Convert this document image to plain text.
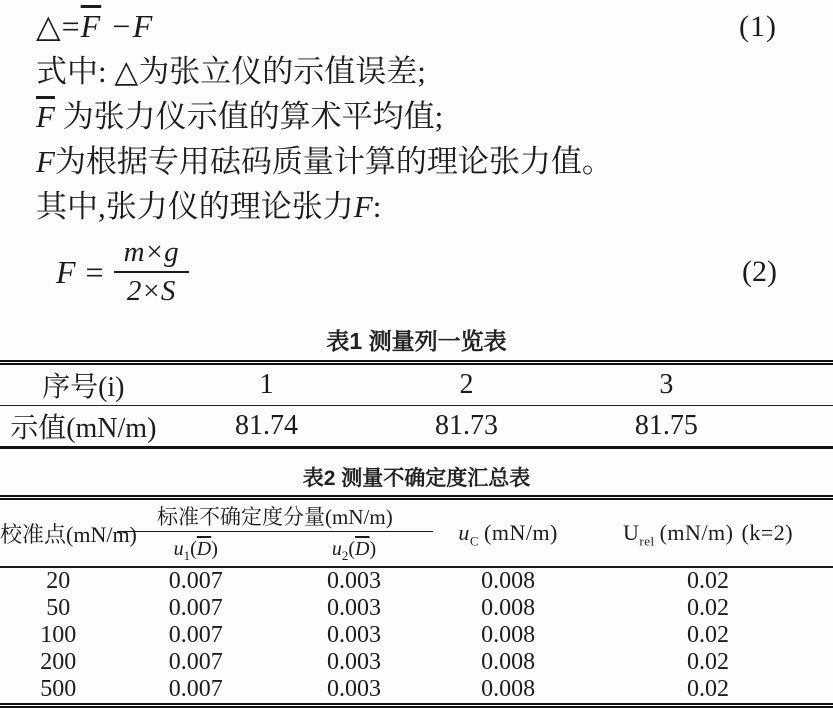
$\triangle=\overline{F} -F$	(1)
式中: △为张立仪的示值误差;
$\overline{F}$ 为张力仪示值的算术平均值;
F为根据专用砝码质量计算的理论张力值。
其中,张力仪的理论张力F:
$F = \frac{m\times g}{2\times S}$	(2)
表1 测量列一览表
序号(i)	1	2	3	
示值(mN/m)	81.74	81.73	81.75	
表2 测量不确定度汇总表
校准点(mN/m)	标准不确定度分量(mN/m)		$u_C$ (mN/m)	$U_{rel}$ (mN/m) (k=2)
	$u_1(\overline{D})$	$u_2(\overline{D})$		
20	0.007	0.003	0.008	0.02
50	0.007	0.003	0.008	0.02
100	0.007	0.003	0.008	0.02
200	0.007	0.003	0.008	0.02
500	0.007	0.003	0.008	0.02
